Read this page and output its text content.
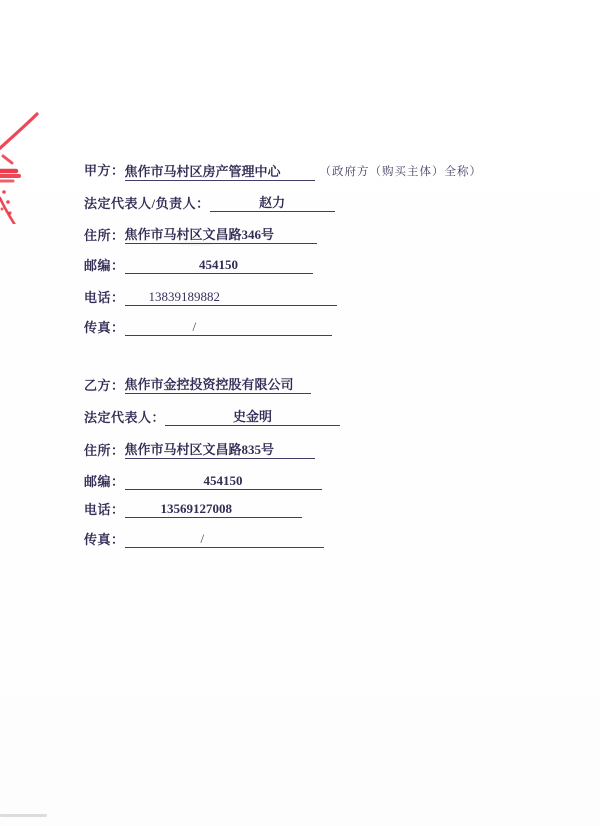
甲方：焦作市马村区房产管理中心	（政府方（购买主体）全称）
法定代表人/负责人：	赵力
住所：焦作市马村区文昌路346号
邮编：	454150
电话： 13839189882
传真：	/
乙方：焦作市金控投资控股有限公司
法定代表人：	史金明
住所：焦作市马村区文昌路835号
邮编：	454150
电话：	13569127008
传真：	/
